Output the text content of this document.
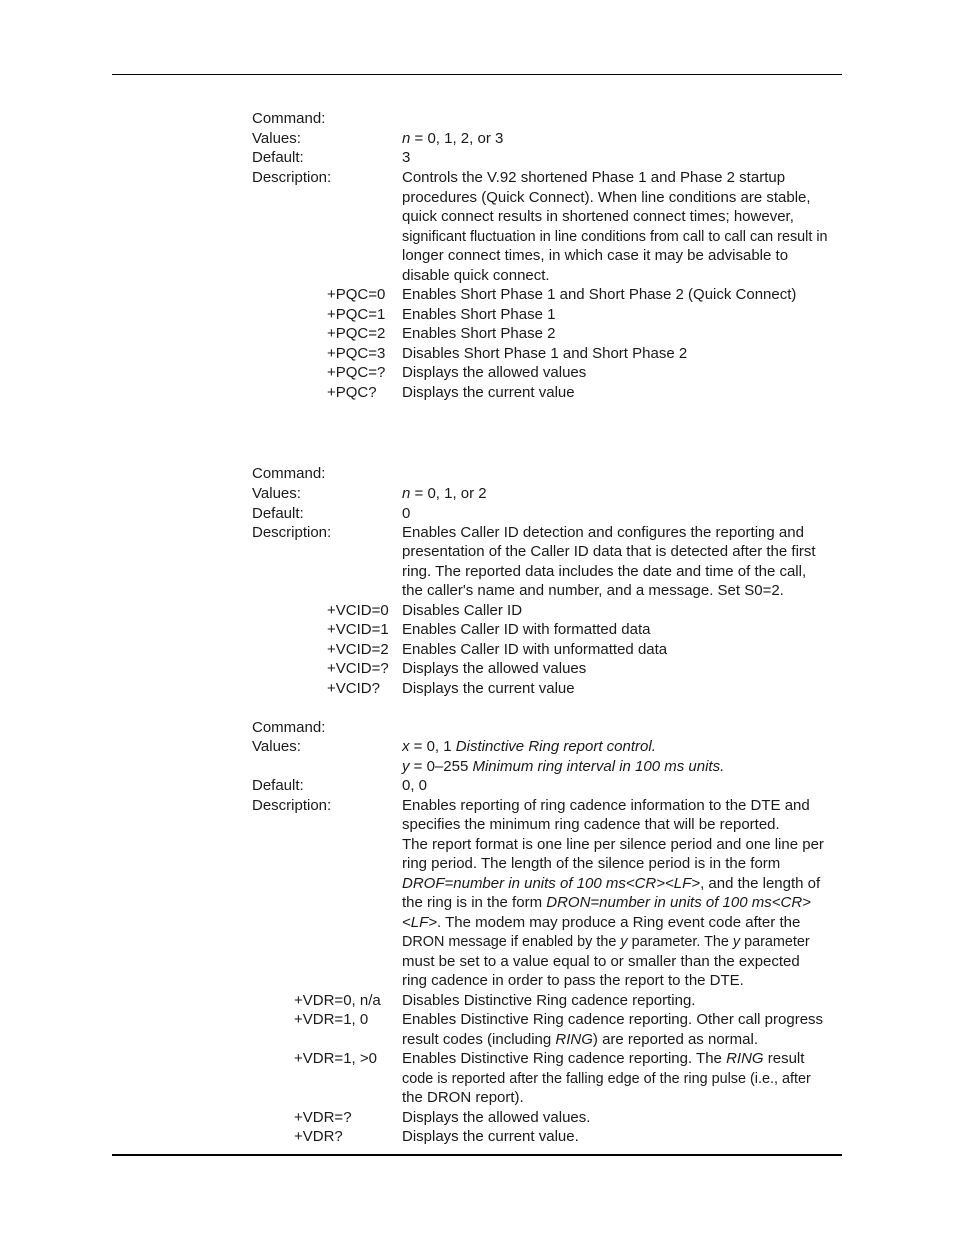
Command:
Values:	n = 0, 1, 2, or 3
Default:	3
Description:	Controls the V.92 shortened Phase 1 and Phase 2 startup
procedures (Quick Connect). When line conditions are stable,
quick connect results in shortened connect times; however,
significant fluctuation in line conditions from call to call can result in
longer connect times, in which case it may be advisable to
disable quick connect.
+PQC=0 Enables Short Phase 1 and Short Phase 2 (Quick Connect)
+PQC=1 Enables Short Phase 1
+PQC=2 Enables Short Phase 2
+PQC=3 Disables Short Phase 1 and Short Phase 2
+PQC=? Displays the allowed values
+PQC? Displays the current value
Command:
Values:	n = 0, 1, or 2
Default:	0
Description:	Enables Caller ID detection and configures the reporting and
presentation of the Caller ID data that is detected after the first
ring. The reported data includes the date and time of the call,
the caller's name and number, and a message. Set S0=2.
+VCID=0 Disables Caller ID
+VCID=1 Enables Caller ID with formatted data
+VCID=2 Enables Caller ID with unformatted data
+VCID=? Displays the allowed values
+VCID? Displays the current value
Command:
Values:	x = 0, 1 Distinctive Ring report control.
y = 0–255 Minimum ring interval in 100 ms units.
Default:	0, 0
Description:	Enables reporting of ring cadence information to the DTE and
specifies the minimum ring cadence that will be reported.
The report format is one line per silence period and one line per
ring period. The length of the silence period is in the form
DROF=number in units of 100 ms<CR><LF>, and the length of
the ring is in the form DRON=number in units of 100 ms<CR>
<LF>. The modem may produce a Ring event code after the
DRON message if enabled by the y parameter. The y parameter
must be set to a value equal to or smaller than the expected
ring cadence in order to pass the report to the DTE.
+VDR=0, n/a Disables Distinctive Ring cadence reporting.
+VDR=1, 0 Enables Distinctive Ring cadence reporting. Other call progress
result codes (including RING) are reported as normal.
+VDR=1, >0 Enables Distinctive Ring cadence reporting. The RING result
code is reported after the falling edge of the ring pulse (i.e., after
the DRON report).
+VDR=?	Displays the allowed values.
+VDR?	Displays the current value.
